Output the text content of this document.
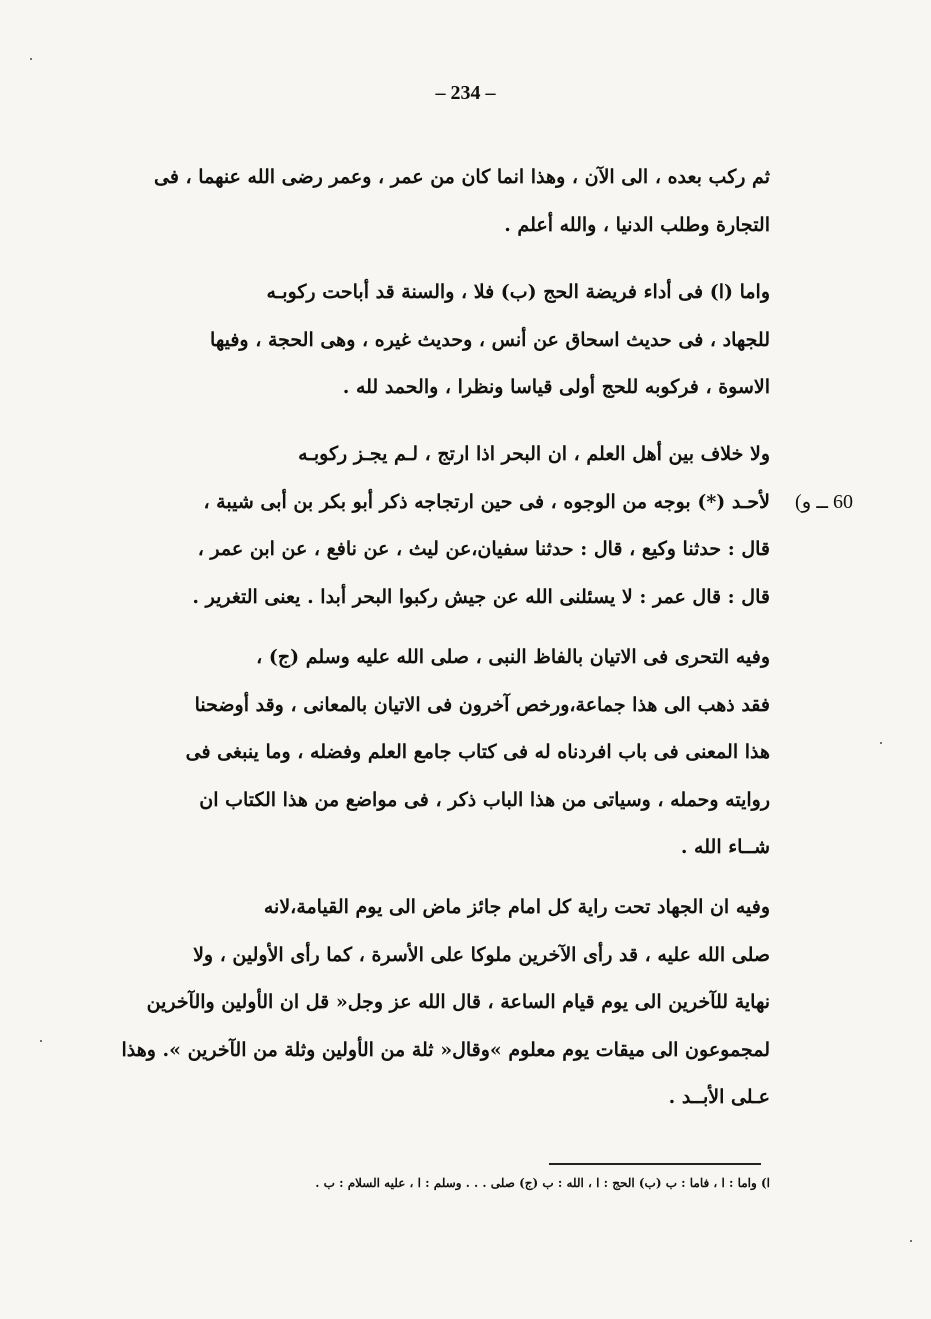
– 234 –
ثم ركب بعده ، الى الآن ، وهذا انما كان من عمر ، وعمر رضى الله عنهما ، فى
التجارة وطلب الدنيا ، والله أعلم .
واما (ا) فى أداء فريضة الحج (ب) فلا ، والسنة قد أباحت ركوبـه
للجهاد ، فى حديث اسحاق عن أنس ، وحديث غيره ، وهى الحجة ، وفيها
الاسوة ، فركوبه للحج أولى قياسا ونظرا ، والحمد لله .
ولا خلاف بين أهل العلم ، ان البحر اذا ارتج ، لـم يجـز ركوبـه
لأحـد (*) بوجه من الوجوه ، فى حين ارتجاجه ذكر أبو بكر بن أبى شيبة ،
قال : حدثنا وكيع ، قال : حدثنا سفيان،عن ليث ، عن نافع ، عن ابن عمر ،
قال : قال عمر : لا يسئلنى الله عن جيش ركبوا البحر أبدا . يعنى التغرير .
60 ــ و)
وفيه التحرى فى الاتيان بالفاظ النبى ، صلى الله عليه وسلم (ج) ،
فقد ذهب الى هذا جماعة،ورخص آخرون فى الاتيان بالمعانى ، وقد أوضحنا
هذا المعنى فى باب افردناه له فى كتاب جامع العلم وفضله ، وما ينبغى فى
روايته وحمله ، وسياتى من هذا الباب ذكر ، فى مواضع من هذا الكتاب ان
شــاء الله .
وفيه ان الجهاد تحت راية كل امام جائز ماض الى يوم القيامة،لانه
صلى الله عليه ، قد رأى الآخرين ملوكا على الأسرة ، كما رأى الأولين ، ولا
نهاية للآخرين الى يوم قيام الساعة ، قال الله عز وجل« قل ان الأولين والآخرين
لمجموعون الى ميقات يوم معلوم »وقال« ثلة من الأولين وثلة من الآخرين ». وهذا
عـلى الأبــد .
ا) واما : ا ، فاما : ب (ب) الحج : ا ، الله : ب (ج) صلى . . . وسلم : ا ، عليه السلام : ب .
